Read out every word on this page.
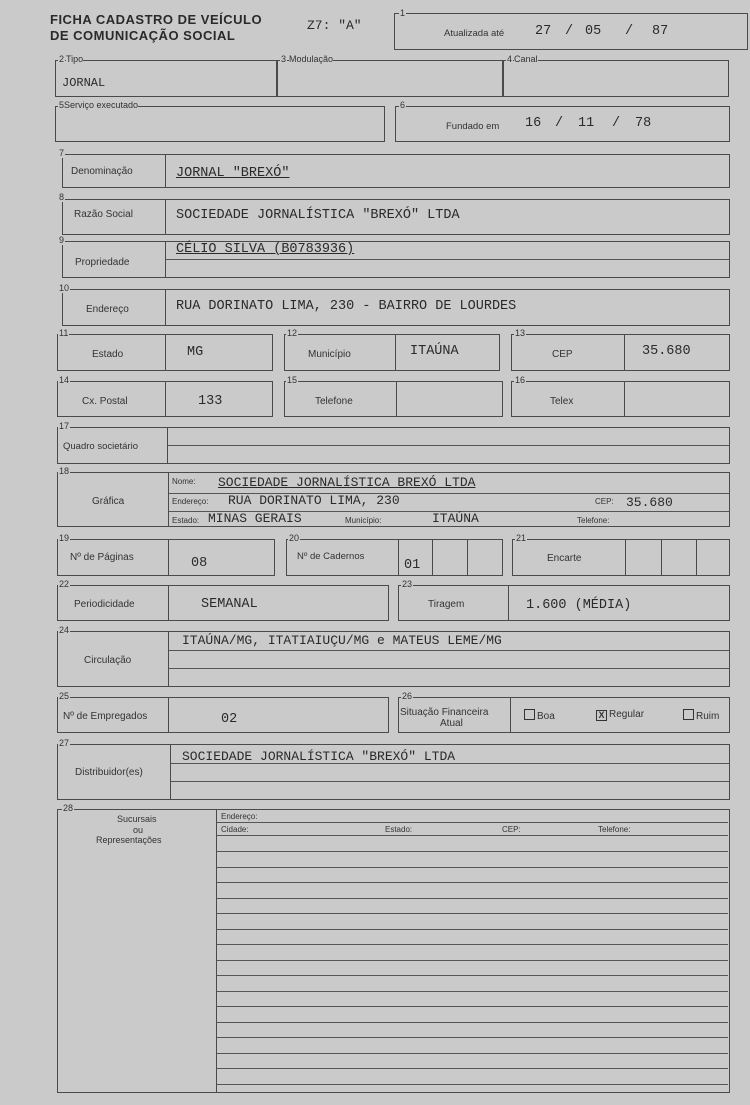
FICHA CADASTRO DE VEÍCULO
DE COMUNICAÇÃO SOCIAL
Z7: "A"
1
Atualizada até 27 / 05 / 87
2 Tipo
JORNAL
3 Modulação	4 Canal
5 Serviço executado	6
Fundado em 16 / 11 / 78
7
Denominação	JORNAL "BREXÓ"
8
Razão Social	SOCIEDADE JORNALÍSTICA "BREXÓ" LTDA
9
Propriedade
CÉLIO SILVA (B0783936)
10
Endereço	RUA DORINATO LIMA, 230 - BAIRRO DE LOURDES
11
Estado	MG
12
Município	ITAÚNA
13
CEP	35.680
14
Cx. Postal	133
15
Telefone
16
Telex
17
Quadro societário
18
Gráfica
Nome: SOCIEDADE JORNALÍSTICA BREXÓ LTDA
Endereço: RUA DORINATO LIMA, 230	CEP: 35.680
Estado: MINAS GERAIS	Município:	ITAÚNA	Telefone:
19
Nº de Páginas	08
20
Nº de Cadernos
01
21
Encarte
22
Periodicidade	SEMANAL
23
Tiragem	1.600 (MÉDIA)
24
Circulação
ITAÚNA/MG, ITATIAIUÇU/MG e MATEUS LEME/MG
25
Nº de Empregados	02
26
Situação Financeira
Atual
Boa	X Regular	Ruim
27
Distribuidor(es)
SOCIEDADE JORNALÍSTICA "BREXÓ" LTDA
28
Sucursais
ou
Representações
Endereço:
Cidade:	Estado:	CEP:	Telefone:
